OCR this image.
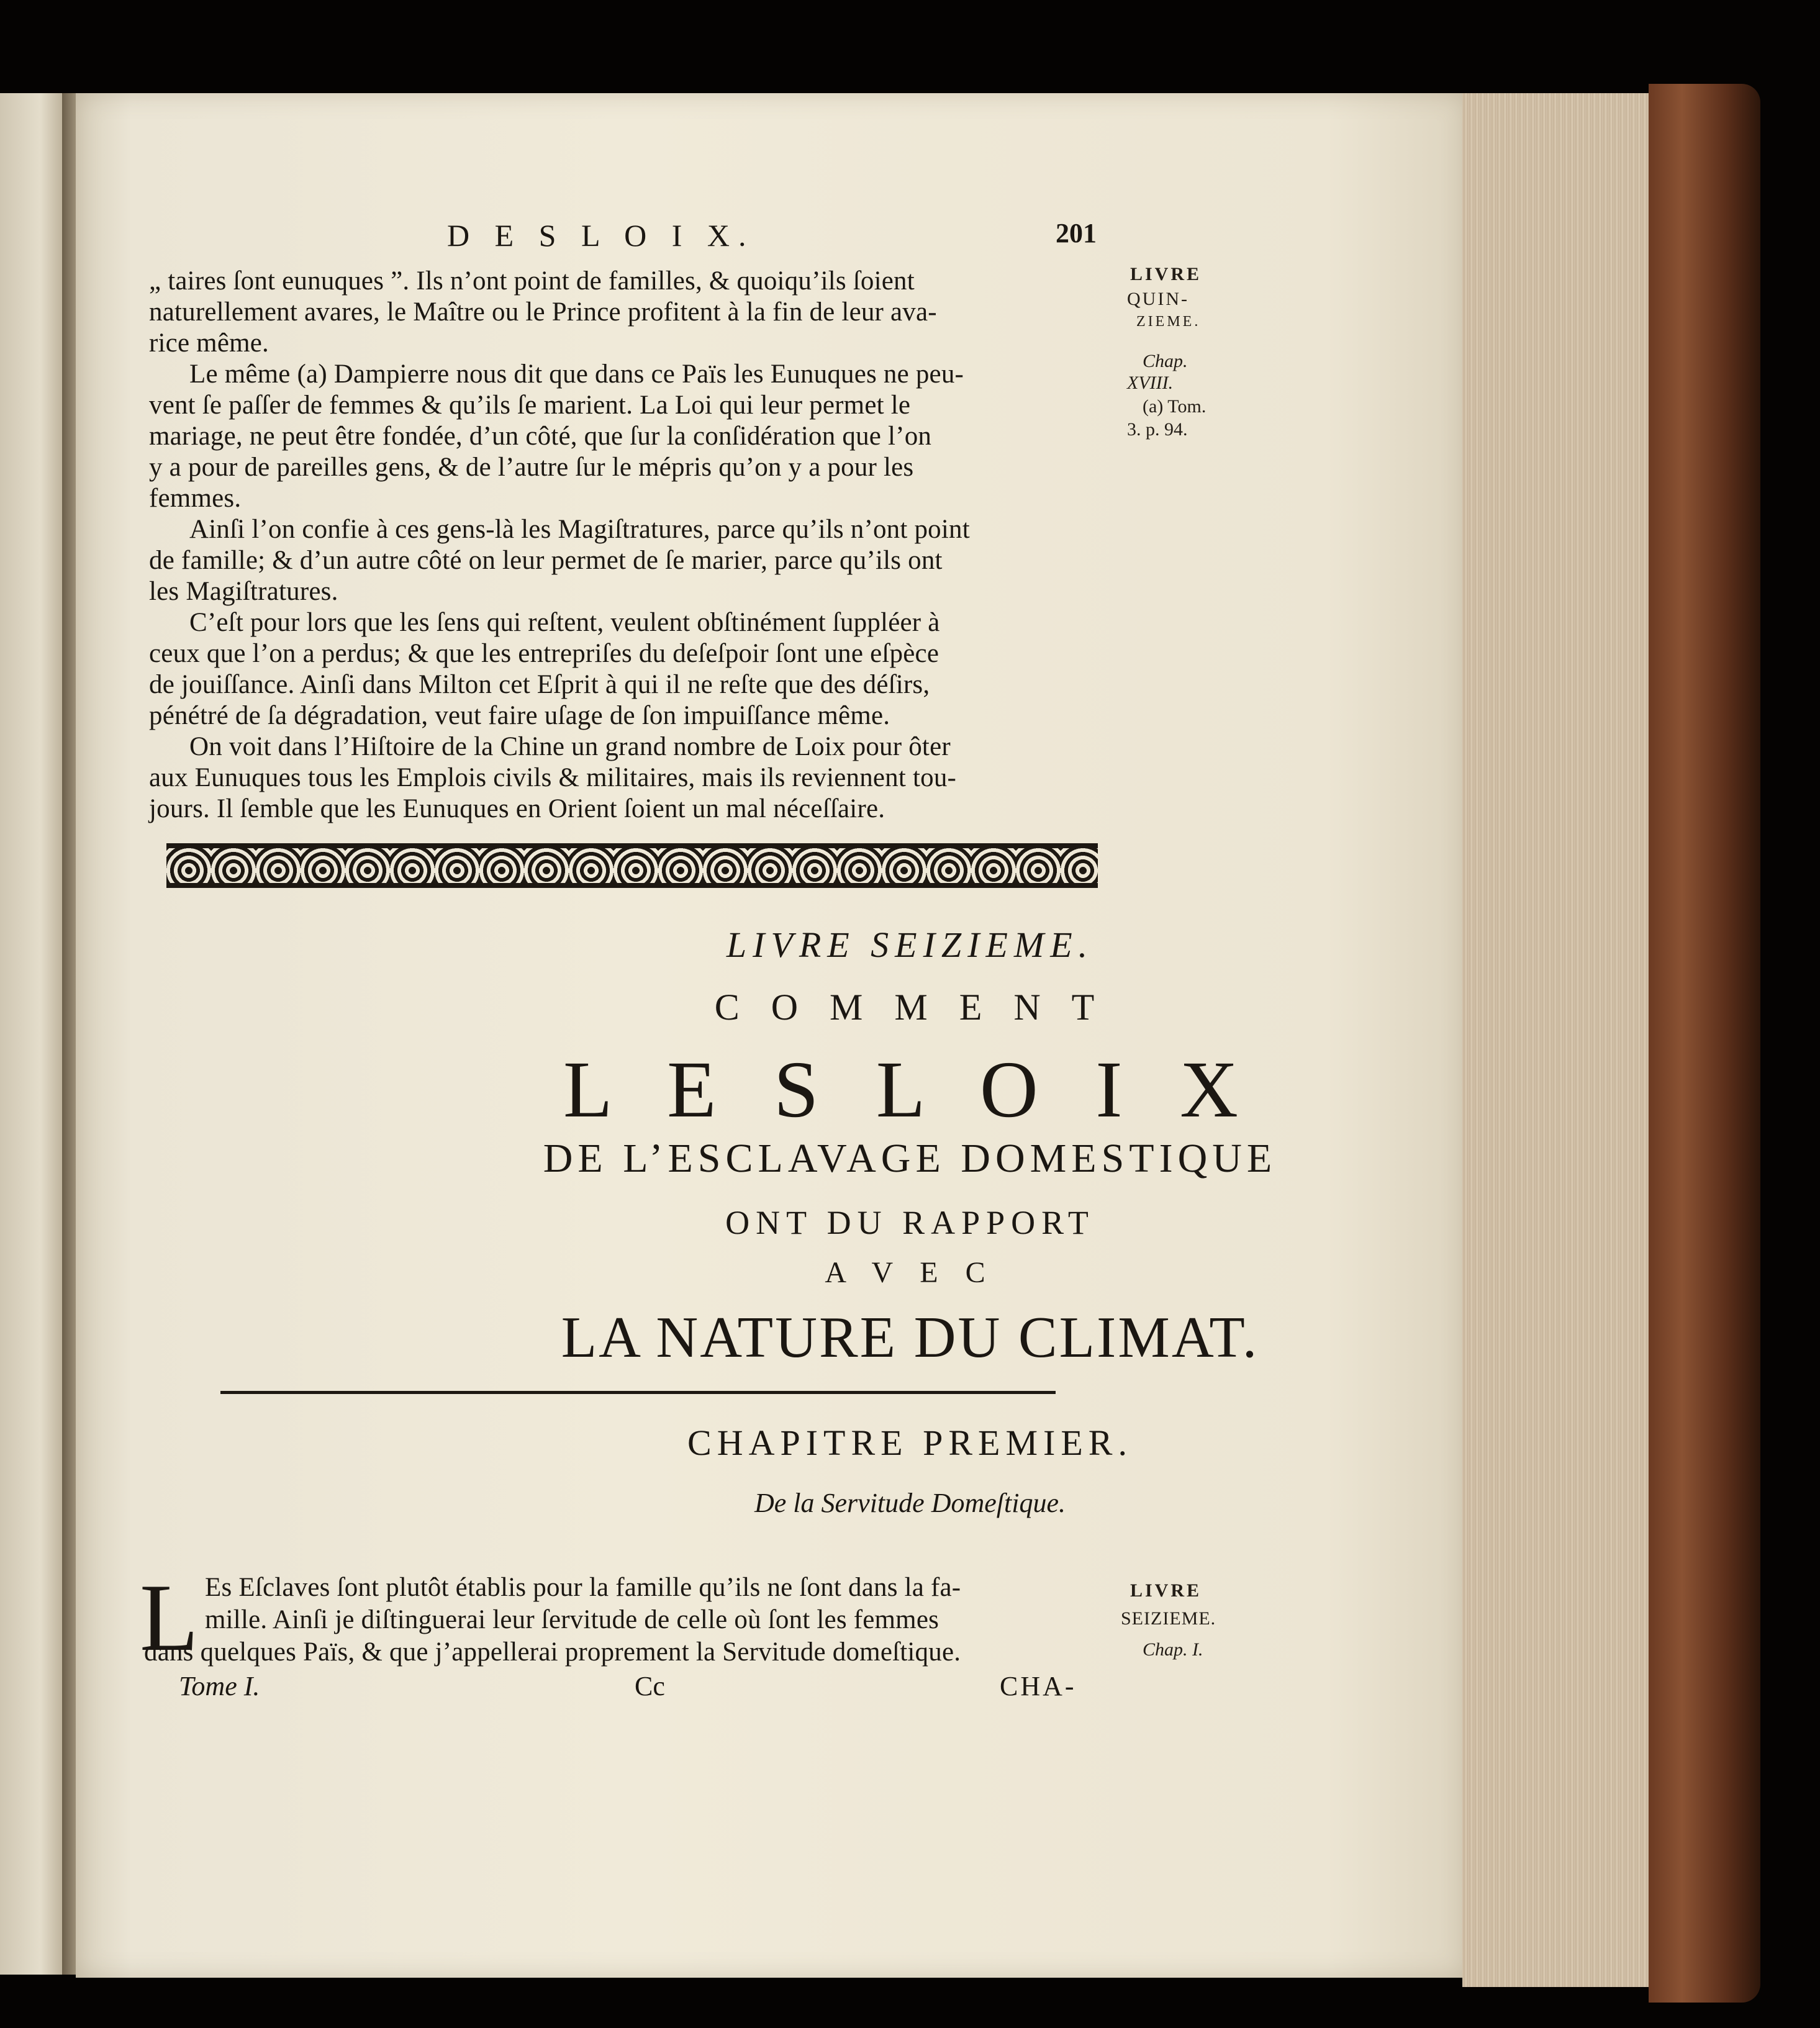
D E S L O I X.	201
„ taires ſont eunuques ”. Ils n’ont point de familles, & quoiqu’ils ſoient
naturellement avares, le Maître ou le Prince profitent à la fin de leur ava-
rice même.
Le même (a) Dampierre nous dit que dans ce Païs les Eunuques ne peu-
vent ſe paſſer de femmes & qu’ils ſe marient. La Loi qui leur permet le
mariage, ne peut être fondée, d’un côté, que ſur la conſidération que l’on
y a pour de pareilles gens, & de l’autre ſur le mépris qu’on y a pour les
femmes.
Ainſi l’on confie à ces gens-là les Magiſtratures, parce qu’ils n’ont point
de famille; & d’un autre côté on leur permet de ſe marier, parce qu’ils ont
les Magiſtratures.
C’eſt pour lors que les ſens qui reſtent, veulent obſtinément ſuppléer à
ceux que l’on a perdus; & que les entrepriſes du deſeſpoir ſont une eſpèce
de jouiſſance. Ainſi dans Milton cet Eſprit à qui il ne reſte que des déſirs,
pénétré de ſa dégradation, veut faire uſage de ſon impuiſſance même.
On voit dans l’Hiſtoire de la Chine un grand nombre de Loix pour ôter
aux Eunuques tous les Emplois civils & militaires, mais ils reviennent tou-
jours. Il ſemble que les Eunuques en Orient ſoient un mal néceſſaire.
LIVRE
QUIN-
ZIEME.
Chap.
XVIII.
(a) Tom.
3. p. 94.
LIVRE SEIZIEME.
C O M M E N T
L E S L O I X
DE L’ESCLAVAGE DOMESTIQUE
ONT DU RAPPORT
A V E C
LA NATURE DU CLIMAT.
CHAPITRE PREMIER.
De la Servitude Domeſtique.
L Es Eſclaves ſont plutôt établis pour la famille qu’ils ne ſont dans la fa-
mille. Ainſi je diſtinguerai leur ſervitude de celle où ſont les femmes
dans quelques Païs, & que j’appellerai proprement la Servitude domeſtique.
LIVRE
SEIZIEME.
Chap. I.
Tome I.	Cc	CHA-
